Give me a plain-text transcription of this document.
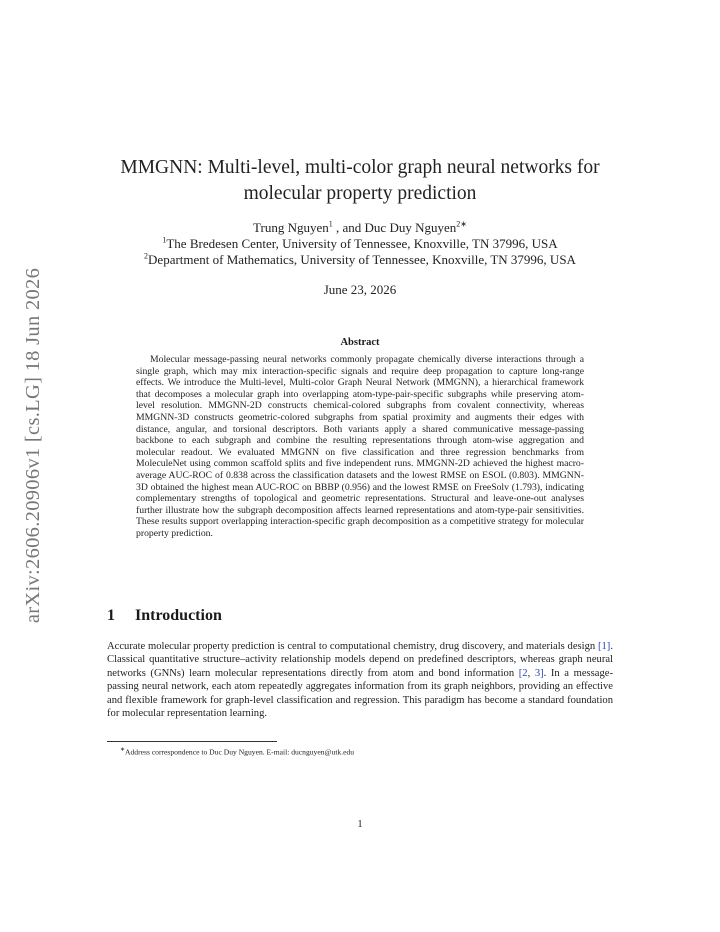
arXiv:2606.20906v1 [cs.LG] 18 Jun 2026
MMGNN: Multi-level, multi-color graph neural networks for
molecular property prediction
Trung Nguyen$^1$ , and Duc Duy Nguyen$^{2∗}$
$^1$The Bredesen Center, University of Tennessee, Knoxville, TN 37996, USA
$^2$Department of Mathematics, University of Tennessee, Knoxville, TN 37996, USA
June 23, 2026
Abstract

Molecular message-passing neural networks commonly propagate chemically diverse interactions through a single graph, which may mix interaction-specific signals and require deep propagation to capture long-range effects. We introduce the Multi-level, Multi-color Graph Neural Network (MMGNN), a hierarchical framework that decomposes a molecular graph into overlapping atom-type-pair-specific subgraphs while preserving atom-level resolution. MMGNN-2D constructs chemical-colored subgraphs from covalent connectivity, whereas MMGNN-3D constructs geometric-colored subgraphs from spatial proximity and augments their edges with distance, angular, and torsional descriptors. Both variants apply a shared communicative message-passing backbone to each subgraph and combine the resulting representations through atom-wise aggregation and molecular readout. We evaluated MMGNN on five classification and three regression benchmarks from MoleculeNet using common scaffold splits and five independent runs. MMGNN-2D achieved the highest macro-average AUC-ROC of 0.838 across the classification datasets and the lowest RMSE on ESOL (0.803). MMGNN-3D obtained the highest mean AUC-ROC on BBBP (0.956) and the lowest RMSE on FreeSolv (1.793), indicating complementary strengths of topological and geometric representations. Structural and leave-one-out analyses further illustrate how the subgraph decomposition affects learned representations and atom-type-pair sensitivities. These results support overlapping interaction-specific graph decomposition as a competitive strategy for molecular property prediction.

1 Introduction

Accurate molecular property prediction is central to computational chemistry, drug discovery, and materials design [1]. Classical quantitative structure–activity relationship models depend on predefined descriptors, whereas graph neural networks (GNNs) learn molecular representations directly from atom and bond information [2, 3]. In a message-passing neural network, each atom repeatedly aggregates information from its graph neighbors, providing an effective and flexible framework for graph-level classification and regression. This paradigm has become a standard foundation for molecular representation learning.

∗Address correspondence to Duc Duy Nguyen. E-mail: ducnguyen@utk.edu
1
